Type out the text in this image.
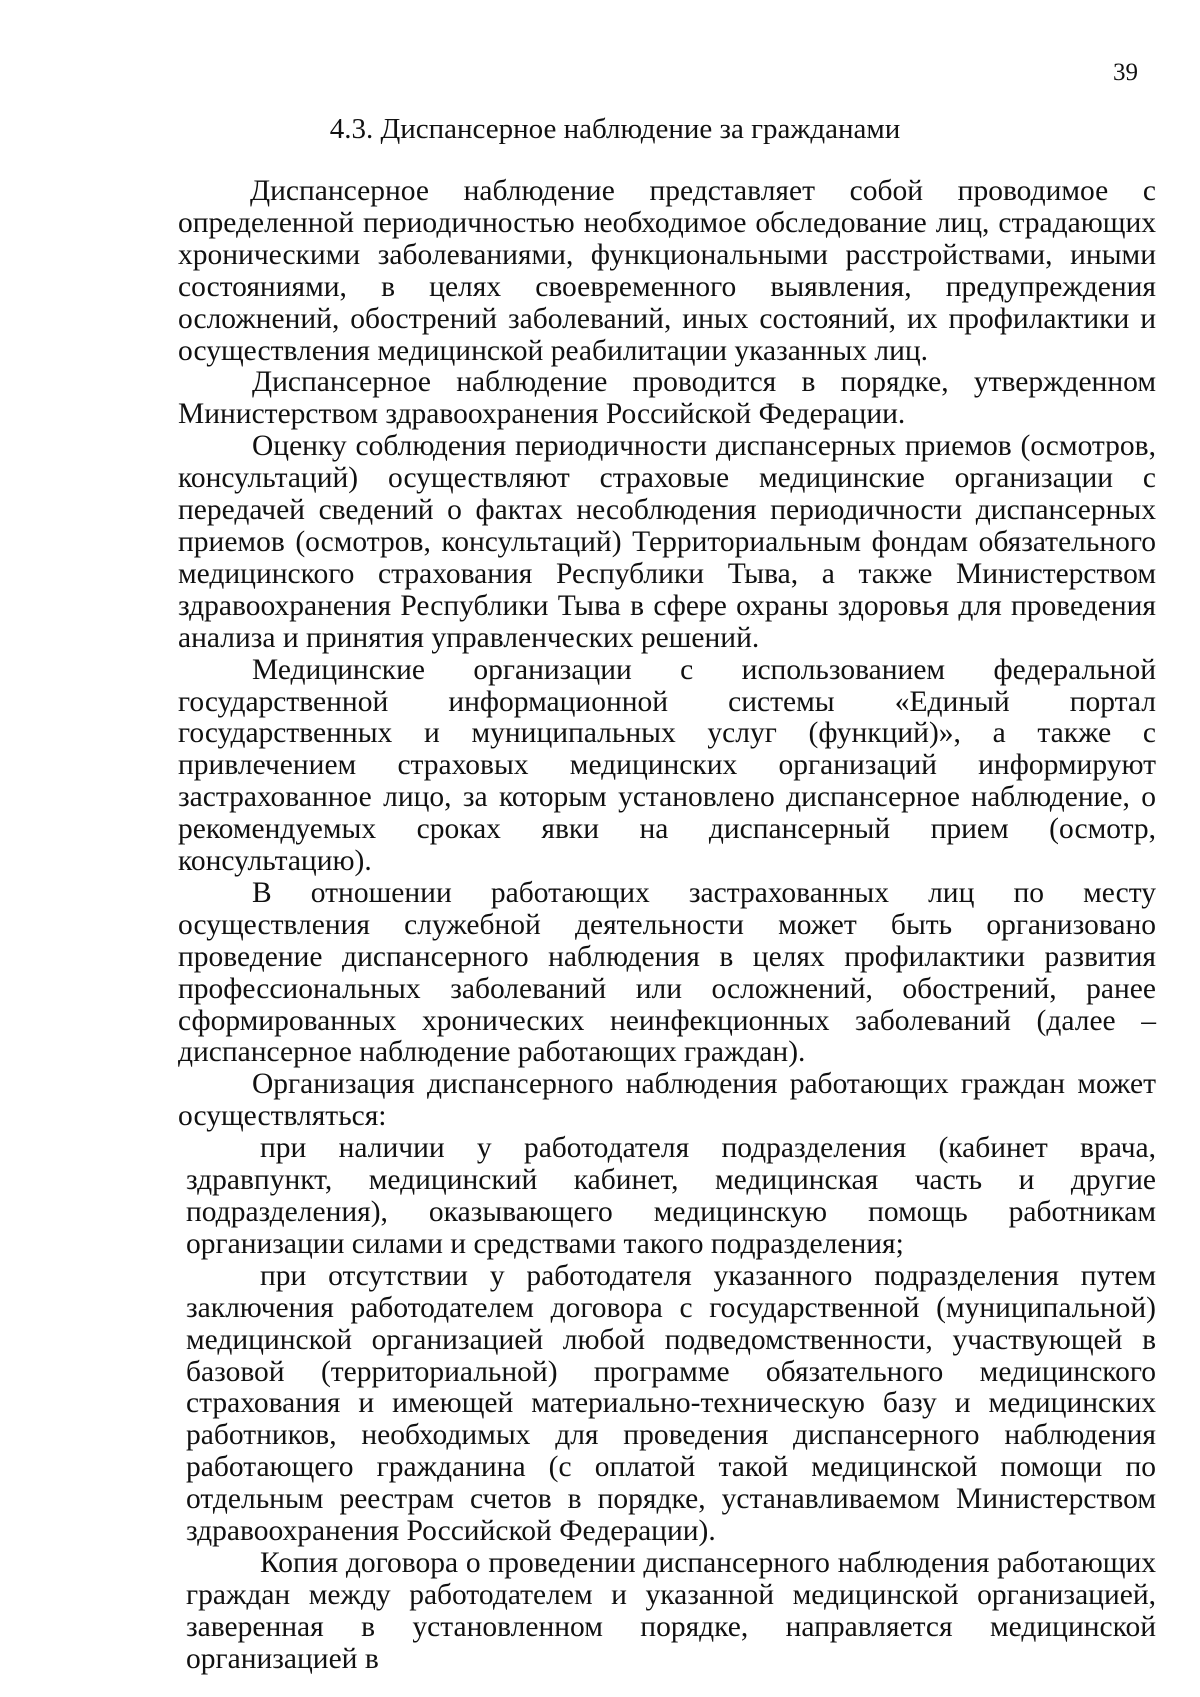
39
4.3. Диспансерное наблюдение за гражданами

Диспансерное наблюдение представляет собой проводимое с определенной периодичностью необходимое обследование лиц, страдающих хроническими заболеваниями, функциональными расстройствами, иными состояниями, в целях своевременного выявления, предупреждения осложнений, обострений заболеваний, иных состояний, их профилактики и осуществления медицинской реабилитации указанных лиц.

Диспансерное наблюдение проводится в порядке, утвержденном Министерством здравоохранения Российской Федерации.

Оценку соблюдения периодичности диспансерных приемов (осмотров, консультаций) осуществляют страховые медицинские организации с передачей сведений о фактах несоблюдения периодичности диспансерных приемов (осмотров, консультаций) Территориальным фондам обязательного медицинского страхования Республики Тыва, а также Министерством здравоохранения Республики Тыва в сфере охраны здоровья для проведения анализа и принятия управленческих решений.

Медицинские организации с использованием федеральной государственной информационной системы «Единый портал государственных и муниципальных услуг (функций)», а также с привлечением страховых медицинских организаций информируют застрахованное лицо, за которым установлено диспансерное наблюдение, о рекомендуемых сроках явки на диспансерный прием (осмотр, консультацию).

В отношении работающих застрахованных лиц по месту осуществления служебной деятельности может быть организовано проведение диспансерного наблюдения в целях профилактики развития профессиональных заболеваний или осложнений, обострений, ранее сформированных хронических неинфекционных заболеваний (далее – диспансерное наблюдение работающих граждан).

Организация диспансерного наблюдения работающих граждан может осуществляться:

при наличии у работодателя подразделения (кабинет врача, здравпункт, медицинский кабинет, медицинская часть и другие подразделения), оказывающего медицинскую помощь работникам организации силами и средствами такого подразделения;

при отсутствии у работодателя указанного подразделения путем заключения работодателем договора с государственной (муниципальной) медицинской организацией любой подведомственности, участвующей в базовой (территориальной) программе обязательного медицинского страхования и имеющей материально-техническую базу и медицинских работников, необходимых для проведения диспансерного наблюдения работающего гражданина (с оплатой такой медицинской помощи по отдельным реестрам счетов в порядке, устанавливаемом Министерством здравоохранения Российской Федерации).

Копия договора о проведении диспансерного наблюдения работающих граждан между работодателем и указанной медицинской организацией, заверенная в установленном порядке, направляется медицинской организацией в
